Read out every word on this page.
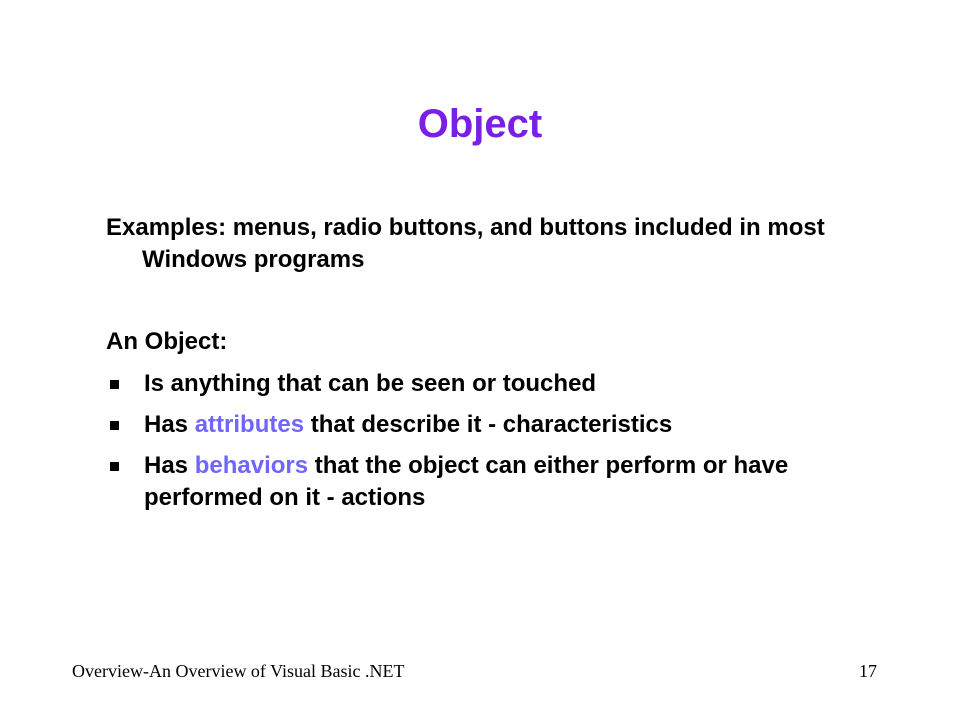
Object

Examples: menus, radio buttons, and buttons included in most Windows programs

An Object:

Is anything that can be seen or touched
Has attributes that describe it - characteristics
Has behaviors that the object can either perform or have performed on it - actions
Overview-An Overview of Visual Basic .NET	17
